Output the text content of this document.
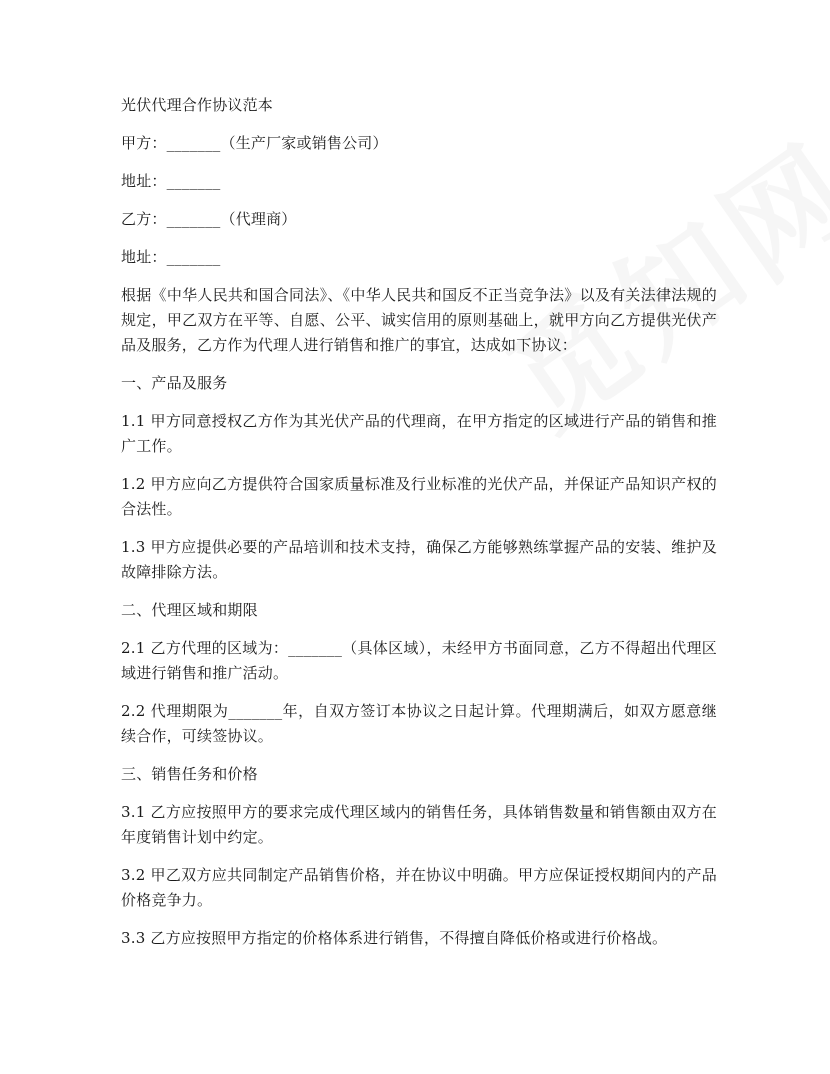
光伏代理合作协议范本

甲方：_______（生产厂家或销售公司）

地址：_______

乙方：_______（代理商）

地址：_______

根据《中华人民共和国合同法》、《中华人民共和国反不正当竞争法》以及有关法律法规的规定，甲乙双方在平等、自愿、公平、诚实信用的原则基础上，就甲方向乙方提供光伏产品及服务，乙方作为代理人进行销售和推广的事宜，达成如下协议：

一、产品及服务

1.1 甲方同意授权乙方作为其光伏产品的代理商，在甲方指定的区域进行产品的销售和推广工作。

1.2 甲方应向乙方提供符合国家质量标准及行业标准的光伏产品，并保证产品知识产权的合法性。

1.3 甲方应提供必要的产品培训和技术支持，确保乙方能够熟练掌握产品的安装、维护及故障排除方法。

二、代理区域和期限

2.1 乙方代理的区域为：_______（具体区域），未经甲方书面同意，乙方不得超出代理区域进行销售和推广活动。

2.2 代理期限为_______年，自双方签订本协议之日起计算。代理期满后，如双方愿意继续合作，可续签协议。

三、销售任务和价格

3.1 乙方应按照甲方的要求完成代理区域内的销售任务，具体销售数量和销售额由双方在年度销售计划中约定。

3.2 甲乙双方应共同制定产品销售价格，并在协议中明确。甲方应保证授权期间内的产品价格竞争力。

3.3 乙方应按照甲方指定的价格体系进行销售，不得擅自降低价格或进行价格战。
